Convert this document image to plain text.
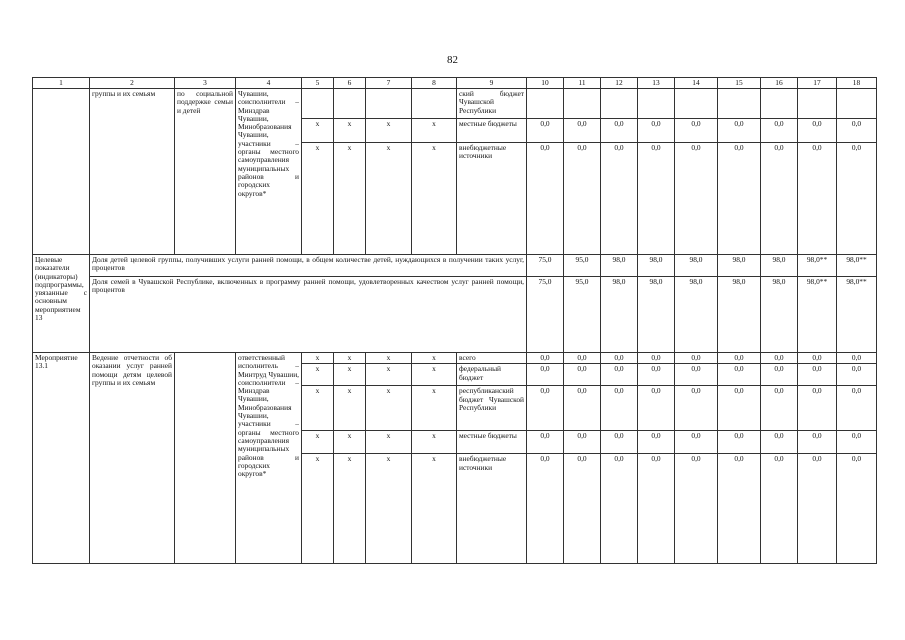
82
1	2	3	4	5	6	7	8	9	10	11	12	13	14	15	16	17	18
	группы и их семьям	по социальной поддержке семьи и детей	Чувашии, соисполнители – Минздрав Чувашии, Минобразования Чувашии, участники – органы местного самоуправления муниципальных районов и городских округов*					ский бюджет Чувашской Республики									
				х	х	х	х	местные бюджеты	0,0	0,0	0,0	0,0	0,0	0,0	0,0	0,0	0,0
				х	х	х	х	внебюджетные источники	0,0	0,0	0,0	0,0	0,0	0,0	0,0	0,0	0,0
Целевые показатели (индикаторы) подпрограммы, увязанные с основным мероприятием 13	Доля детей целевой группы, получивших услуги ранней помощи, в общем количестве детей, нуждающихся в получении таких услуг, процентов								75,0	95,0	98,0	98,0	98,0	98,0	98,0	98,0**	98,0**
	Доля семей в Чувашской Республике, включенных в программу ранней помощи, удовлетворенных качеством услуг ранней помощи, процентов								75,0	95,0	98,0	98,0	98,0	98,0	98,0	98,0**	98,0**
Мероприятие 13.1	Ведение отчетности об оказании услуг ранней помощи детям целевой группы и их семьям		ответственный исполнитель – Минтруд Чувашии, соисполнители – Минздрав Чувашии, Минобразования Чувашии, участники – органы местного самоуправления муниципальных районов и городских округов*	х	х	х	х	всего	0,0	0,0	0,0	0,0	0,0	0,0	0,0	0,0	0,0
				х	х	х	х	федеральный бюджет	0,0	0,0	0,0	0,0	0,0	0,0	0,0	0,0	0,0
				х	х	х	х	республиканский бюджет Чувашской Республики	0,0	0,0	0,0	0,0	0,0	0,0	0,0	0,0	0,0
				х	х	х	х	местные бюджеты	0,0	0,0	0,0	0,0	0,0	0,0	0,0	0,0	0,0
				х	х	х	х	внебюджетные источники	0,0	0,0	0,0	0,0	0,0	0,0	0,0	0,0	0,0
